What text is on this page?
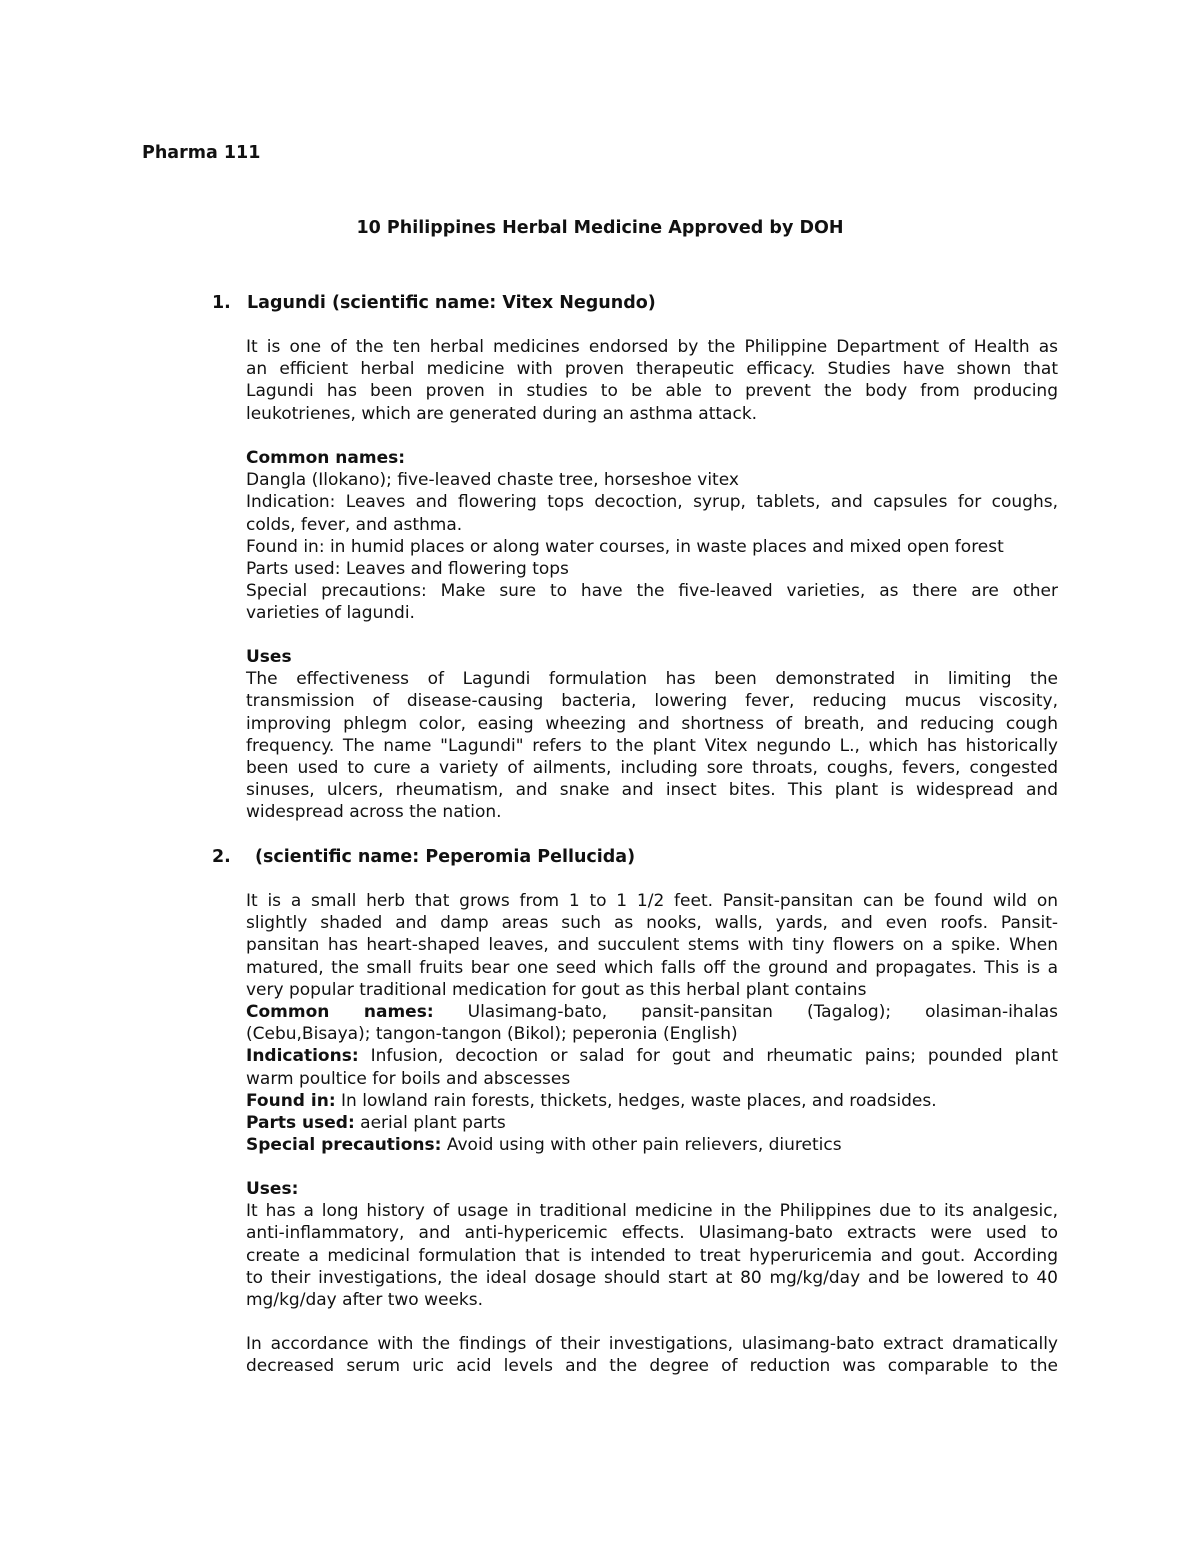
Pharma 111
10 Philippines Herbal Medicine Approved by DOH
1. Lagundi (scientific name: Vitex Negundo)
It is one of the ten herbal medicines endorsed by the Philippine Department of Health as
an efficient herbal medicine with proven therapeutic efficacy. Studies have shown that
Lagundi has been proven in studies to be able to prevent the body from producing
leukotrienes, which are generated during an asthma attack.
Common names:
Dangla (Ilokano); five-leaved chaste tree, horseshoe vitex
Indication: Leaves and flowering tops decoction, syrup, tablets, and capsules for coughs,
colds, fever, and asthma.
Found in: in humid places or along water courses, in waste places and mixed open forest
Parts used: Leaves and flowering tops
Special precautions: Make sure to have the five-leaved varieties, as there are other
varieties of lagundi.
Uses
The effectiveness of Lagundi formulation has been demonstrated in limiting the
transmission of disease-causing bacteria, lowering fever, reducing mucus viscosity,
improving phlegm color, easing wheezing and shortness of breath, and reducing cough
frequency. The name "Lagundi" refers to the plant Vitex negundo L., which has historically
been used to cure a variety of ailments, including sore throats, coughs, fevers, congested
sinuses, ulcers, rheumatism, and snake and insect bites. This plant is widespread and
widespread across the nation.
2. (scientific name: Peperomia Pellucida)
It is a small herb that grows from 1 to 1 1/2 feet. Pansit-pansitan can be found wild on
slightly shaded and damp areas such as nooks, walls, yards, and even roofs. Pansit-
pansitan has heart-shaped leaves, and succulent stems with tiny flowers on a spike. When
matured, the small fruits bear one seed which falls off the ground and propagates. This is a
very popular traditional medication for gout as this herbal plant contains
Common names: Ulasimang-bato, pansit-pansitan (Tagalog); olasiman-ihalas
(Cebu,Bisaya); tangon-tangon (Bikol); peperonia (English)
Indications: Infusion, decoction or salad for gout and rheumatic pains; pounded plant
warm poultice for boils and abscesses
Found in: In lowland rain forests, thickets, hedges, waste places, and roadsides.
Parts used: aerial plant parts
Special precautions: Avoid using with other pain relievers, diuretics
Uses:
It has a long history of usage in traditional medicine in the Philippines due to its analgesic,
anti-inflammatory, and anti-hypericemic effects. Ulasimang-bato extracts were used to
create a medicinal formulation that is intended to treat hyperuricemia and gout. According
to their investigations, the ideal dosage should start at 80 mg/kg/day and be lowered to 40
mg/kg/day after two weeks.
In accordance with the findings of their investigations, ulasimang-bato extract dramatically
decreased serum uric acid levels and the degree of reduction was comparable to the
